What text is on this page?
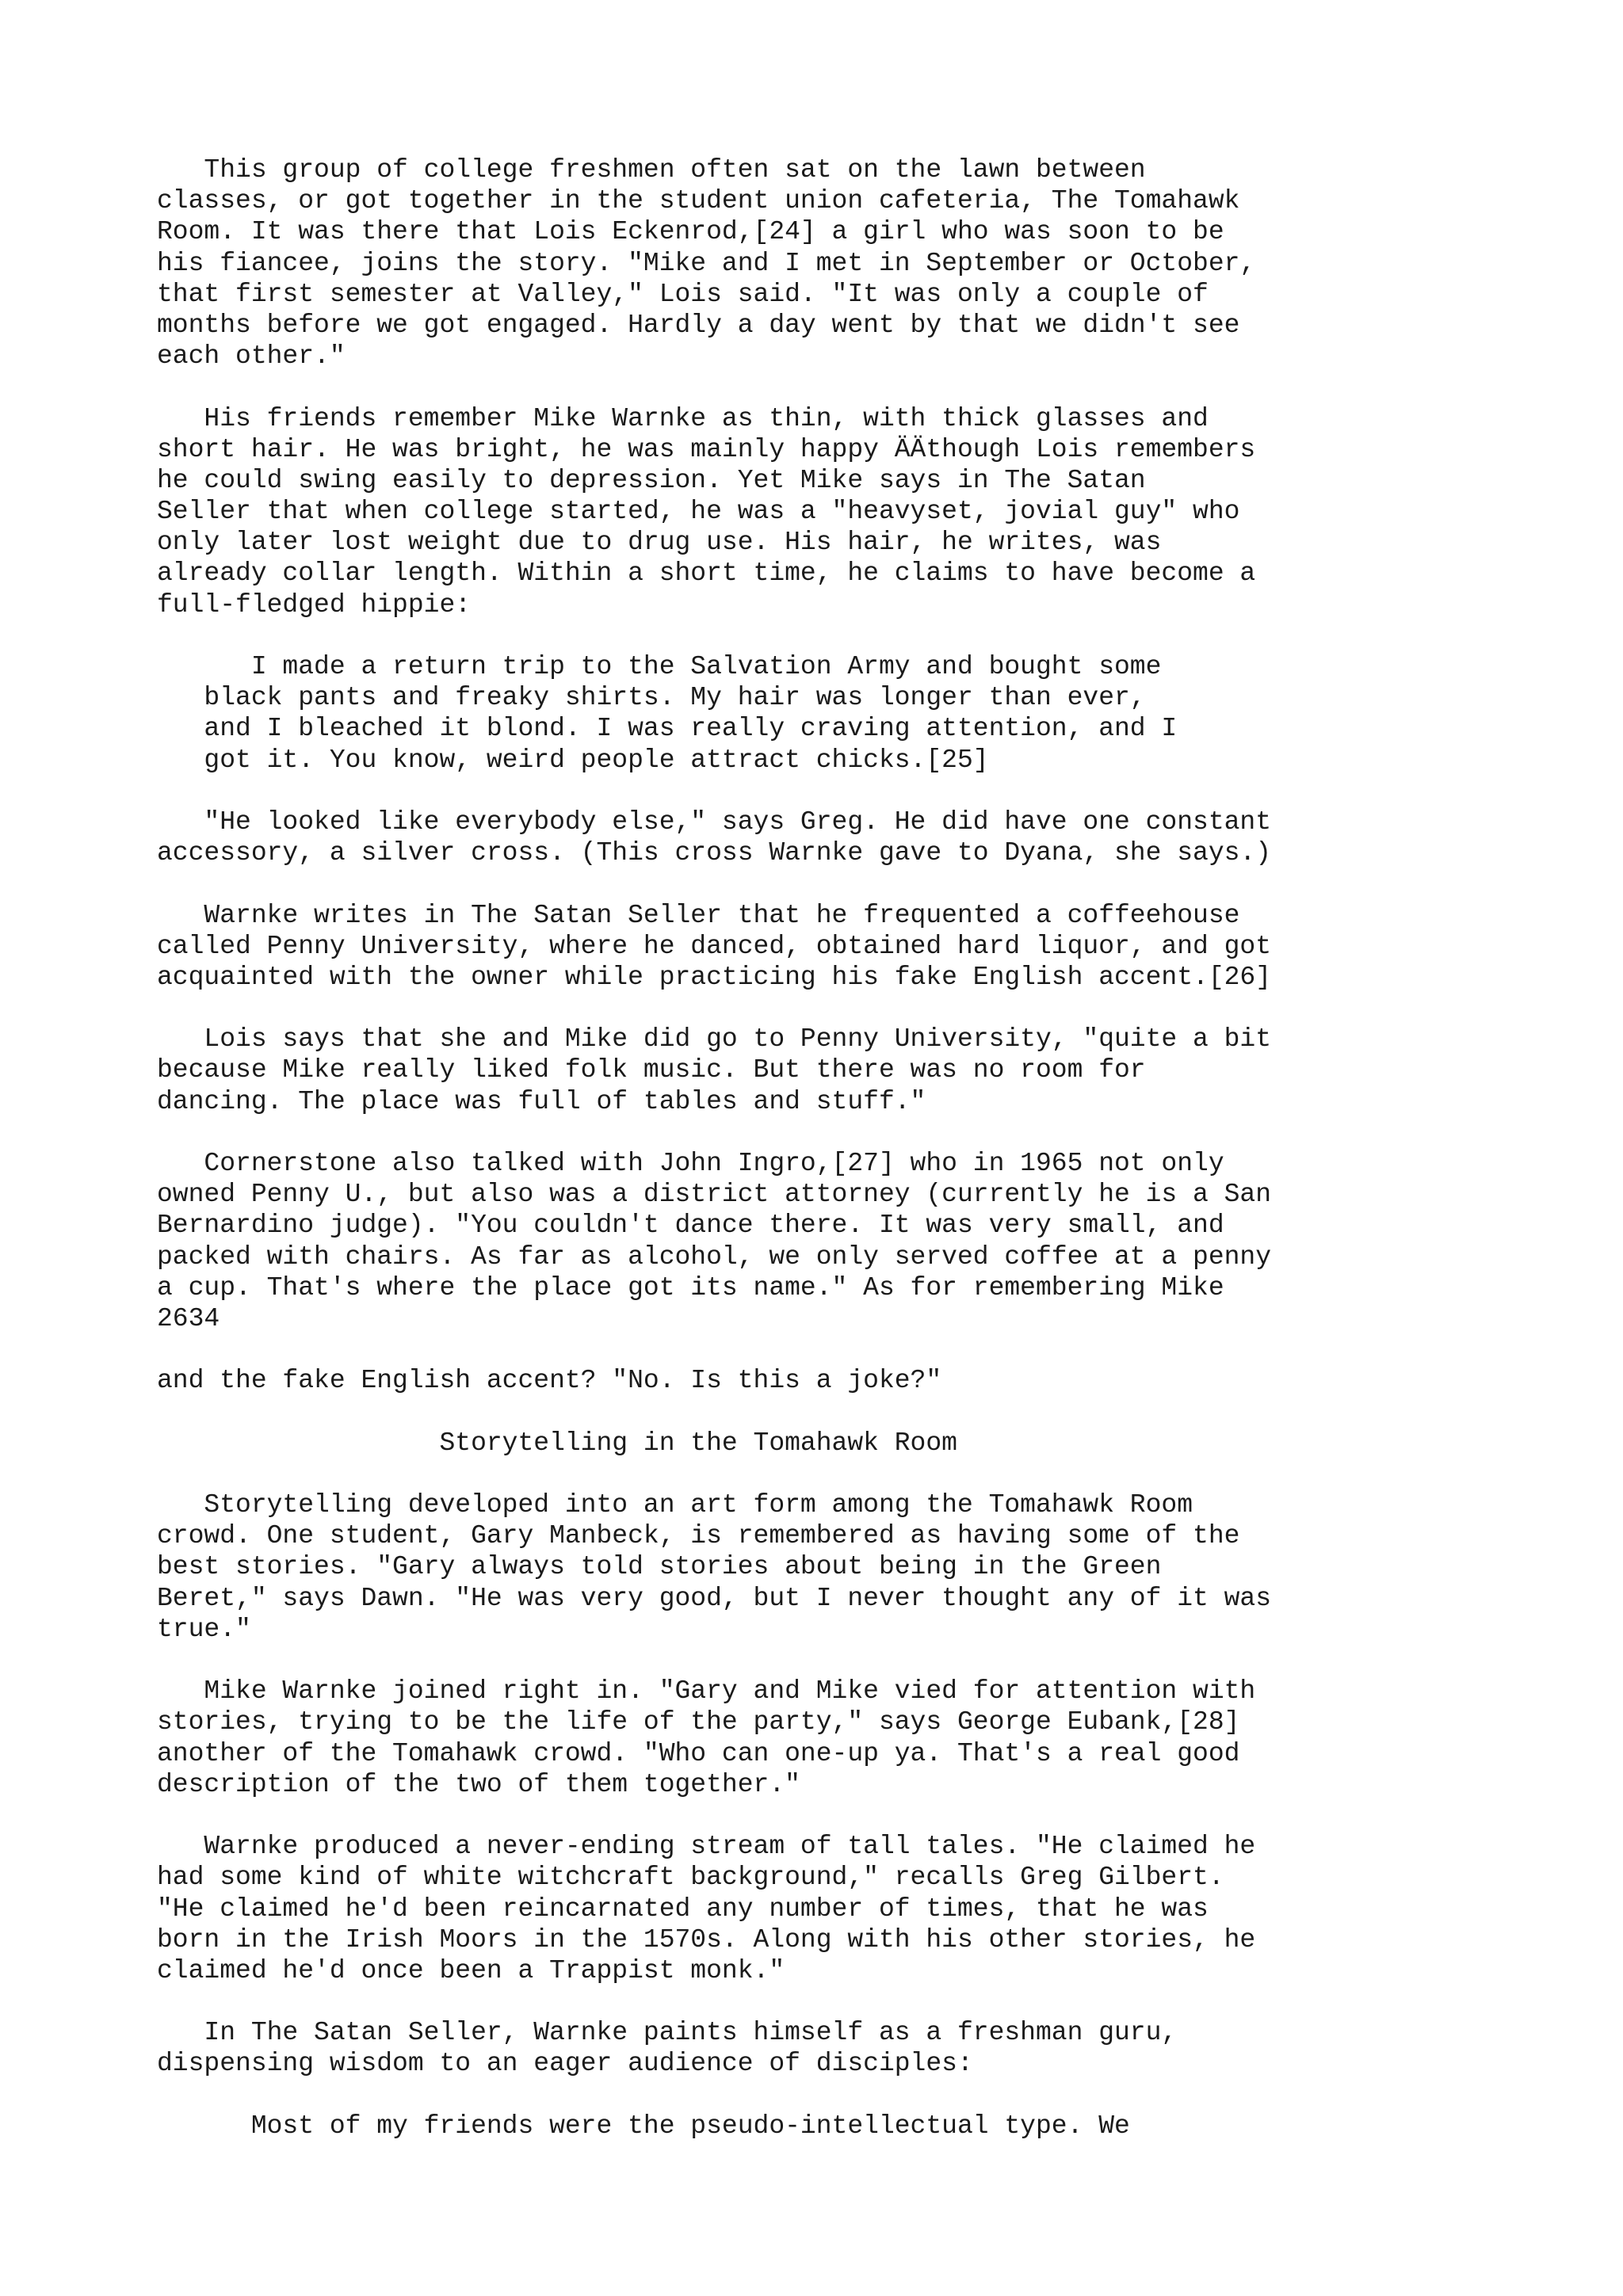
This group of college freshmen often sat on the lawn between
classes, or got together in the student union cafeteria, The Tomahawk
Room. It was there that Lois Eckenrod,[24] a girl who was soon to be
his fiancee, joins the story. "Mike and I met in September or October,
that first semester at Valley," Lois said. "It was only a couple of
months before we got engaged. Hardly a day went by that we didn't see
each other."
His friends remember Mike Warnke as thin, with thick glasses and
short hair. He was bright, he was mainly happy ÄÄthough Lois remembers
he could swing easily to depression. Yet Mike says in The Satan
Seller that when college started, he was a "heavyset, jovial guy" who
only later lost weight due to drug use. His hair, he writes, was
already collar length. Within a short time, he claims to have become a
full-fledged hippie:
I made a return trip to the Salvation Army and bought some
black pants and freaky shirts. My hair was longer than ever,
and I bleached it blond. I was really craving attention, and I
got it. You know, weird people attract chicks.[25]
"He looked like everybody else," says Greg. He did have one constant
accessory, a silver cross. (This cross Warnke gave to Dyana, she says.)
Warnke writes in The Satan Seller that he frequented a coffeehouse
called Penny University, where he danced, obtained hard liquor, and got
acquainted with the owner while practicing his fake English accent.[26]
Lois says that she and Mike did go to Penny University, "quite a bit
because Mike really liked folk music. But there was no room for
dancing. The place was full of tables and stuff."
Cornerstone also talked with John Ingro,[27] who in 1965 not only
owned Penny U., but also was a district attorney (currently he is a San
Bernardino judge). "You couldn't dance there. It was very small, and
packed with chairs. As far as alcohol, we only served coffee at a penny
a cup. That's where the place got its name." As for remembering Mike
2634
and the fake English accent? "No. Is this a joke?"
Storytelling in the Tomahawk Room
Storytelling developed into an art form among the Tomahawk Room
crowd. One student, Gary Manbeck, is remembered as having some of the
best stories. "Gary always told stories about being in the Green
Beret," says Dawn. "He was very good, but I never thought any of it was
true."
Mike Warnke joined right in. "Gary and Mike vied for attention with
stories, trying to be the life of the party," says George Eubank,[28]
another of the Tomahawk crowd. "Who can one-up ya. That's a real good
description of the two of them together."
Warnke produced a never-ending stream of tall tales. "He claimed he
had some kind of white witchcraft background," recalls Greg Gilbert.
"He claimed he'd been reincarnated any number of times, that he was
born in the Irish Moors in the 1570s. Along with his other stories, he
claimed he'd once been a Trappist monk."
In The Satan Seller, Warnke paints himself as a freshman guru,
dispensing wisdom to an eager audience of disciples:
Most of my friends were the pseudo-intellectual type. We
